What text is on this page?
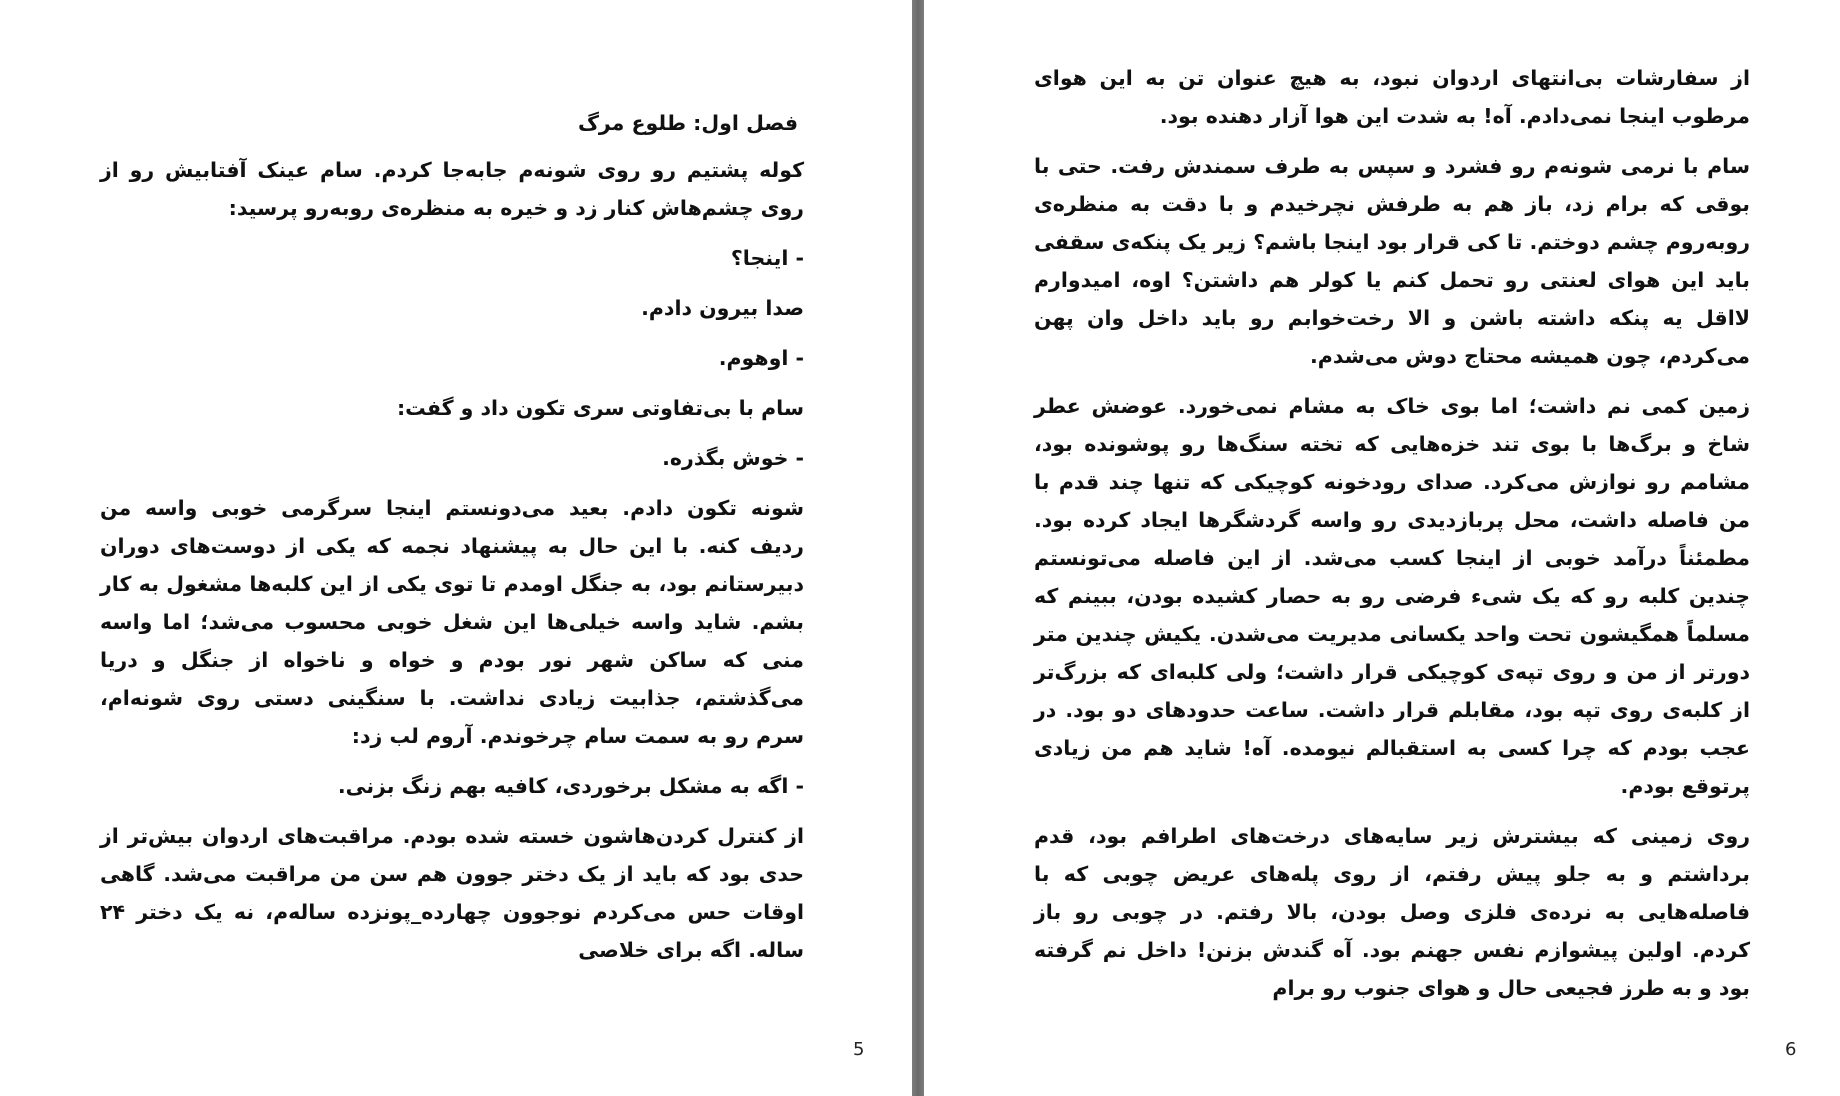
فصل اول: طلوع مرگ

کوله پشتیم رو روی شونه‌م جابه‌جا کردم. سام عینک آفتابیش رو از روی چشم‌هاش کنار زد و خیره به منظره‌ی روبه‌رو پرسید:

- اینجا؟

صدا بیرون دادم.

- اوهوم.

سام با بی‌تفاوتی سری تکون داد و گفت:

- خوش بگذره.

شونه تکون دادم. بعید می‌دونستم اینجا سرگرمی خوبی واسه من ردیف کنه. با این حال به پیشنهاد نجمه که یکی از دوست‌های دوران دبیرستانم بود، به جنگل اومدم تا توی یکی از این کلبه‌ها مشغول به کار بشم. شاید واسه خیلی‌ها این شغل خوبی محسوب می‌شد؛ اما واسه منی که ساکن شهر نور بودم و خواه و ناخواه از جنگل و دریا می‌گذشتم، جذابیت زیادی نداشت. با سنگینی دستی روی شونه‌ام، سرم رو به سمت سام چرخوندم. آروم لب زد:

- اگه به مشکل برخوردی، کافیه بهم زنگ بزنی.

از کنترل کردن‌هاشون خسته شده بودم. مراقبت‌های اردوان بیش‌تر از حدی بود که باید از یک دختر جوون هم سن من مراقبت می‌شد. گاهی اوقات حس می‌کردم نوجوون چهارده_پونزده ساله‌م، نه یک دختر ۲۴ ساله. اگه برای خلاصی

5

از سفارشات بی‌انتهای اردوان نبود، به هیچ عنوان تن به این هوای مرطوب اینجا نمی‌دادم. آه! به شدت این هوا آزار دهنده بود.

سام با نرمی شونه‌م رو فشرد و سپس به طرف سمندش رفت. حتی با بوقی که برام زد، باز هم به طرفش نچرخیدم و با دقت به منظره‌ی روبه‌روم چشم دوختم. تا کی قرار بود اینجا باشم؟ زیر یک پنکه‌ی سقفی باید این هوای لعنتی رو تحمل کنم یا کولر هم داشتن؟ اوه، امیدوارم لااقل یه پنکه داشته باشن و الا رخت‌خوابم رو باید داخل وان پهن می‌کردم، چون همیشه محتاج دوش می‌شدم.

زمین کمی نم داشت؛ اما بوی خاک به مشام نمی‌خورد. عوضش عطر شاخ و برگ‌ها با بوی تند خزه‌هایی که تخته سنگ‌ها رو پوشونده بود، مشامم رو نوازش می‌کرد. صدای رودخونه کوچیکی که تنها چند قدم با من فاصله داشت، محل پربازدیدی رو واسه گردشگرها ایجاد کرده بود. مطمئناً درآمد خوبی از اینجا کسب می‌شد. از این فاصله می‌تونستم چندین کلبه رو که یک شیء فرضی رو به حصار کشیده بودن، ببینم که مسلماً همگیشون تحت واحد یکسانی مدیریت می‌شدن. یکیش چندین متر دورتر از من و روی تپه‌ی کوچیکی قرار داشت؛ ولی کلبه‌ای که بزرگ‌تر از کلبه‌ی روی تپه بود، مقابلم قرار داشت. ساعت حدودهای دو بود. در عجب بودم که چرا کسی به استقبالم نیومده. آه! شاید هم من زیادی پرتوقع بودم.

روی زمینی که بیشترش زیر سایه‌های درخت‌های اطرافم بود، قدم برداشتم و به جلو پیش رفتم، از روی پله‌های عریض چوبی که با فاصله‌هایی به نرده‌ی فلزی وصل بودن، بالا رفتم. در چوبی رو باز کردم. اولین پیشوازم نفس جهنم بود. آه گندش بزنن! داخل نم گرفته بود و به طرز فجیعی حال و هوای جنوب رو برام

6
